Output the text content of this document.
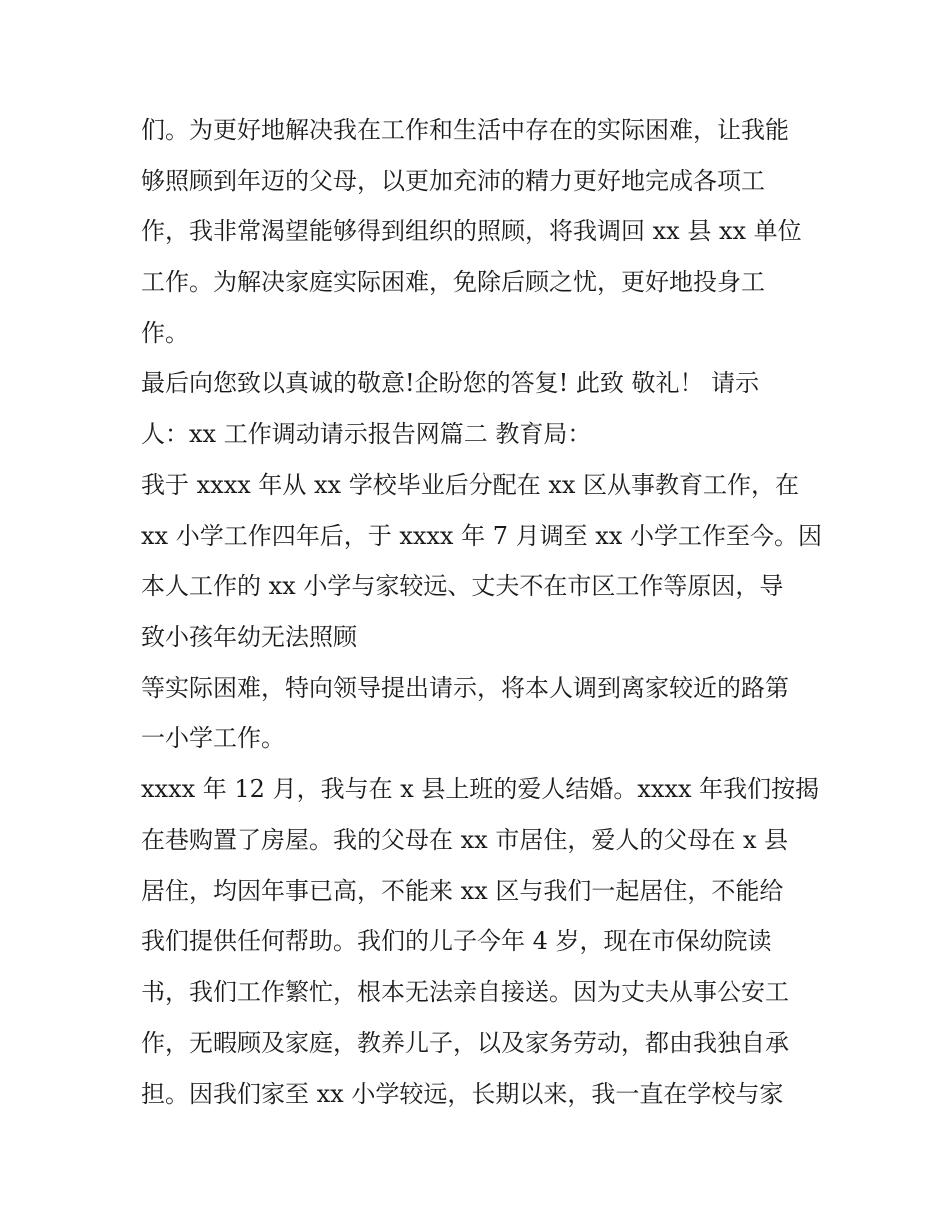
们。为更好地解决我在工作和生活中存在的实际困难，让我能
够照顾到年迈的父母，以更加充沛的精力更好地完成各项工
作，我非常渴望能够得到组织的照顾，将我调回 xx 县 xx 单位
工作。为解决家庭实际困难，免除后顾之忧，更好地投身工
作。
最后向您致以真诚的敬意!企盼您的答复! 此致 敬礼！ 请示
人：xx 工作调动请示报告网篇二 教育局：
我于 xxxx 年从 xx 学校毕业后分配在 xx 区从事教育工作，在
xx 小学工作四年后，于 xxxx 年 7 月调至 xx 小学工作至今。因
本人工作的 xx 小学与家较远、丈夫不在市区工作等原因，导
致小孩年幼无法照顾
等实际困难，特向领导提出请示，将本人调到离家较近的路第
一小学工作。
xxxx 年 12 月，我与在 x 县上班的爱人结婚。xxxx 年我们按揭
在巷购置了房屋。我的父母在 xx 市居住，爱人的父母在 x 县
居住，均因年事已高，不能来 xx 区与我们一起居住，不能给
我们提供任何帮助。我们的儿子今年 4 岁，现在市保幼院读
书，我们工作繁忙，根本无法亲自接送。因为丈夫从事公安工
作，无暇顾及家庭，教养儿子，以及家务劳动，都由我独自承
担。因我们家至 xx 小学较远，长期以来，我一直在学校与家
